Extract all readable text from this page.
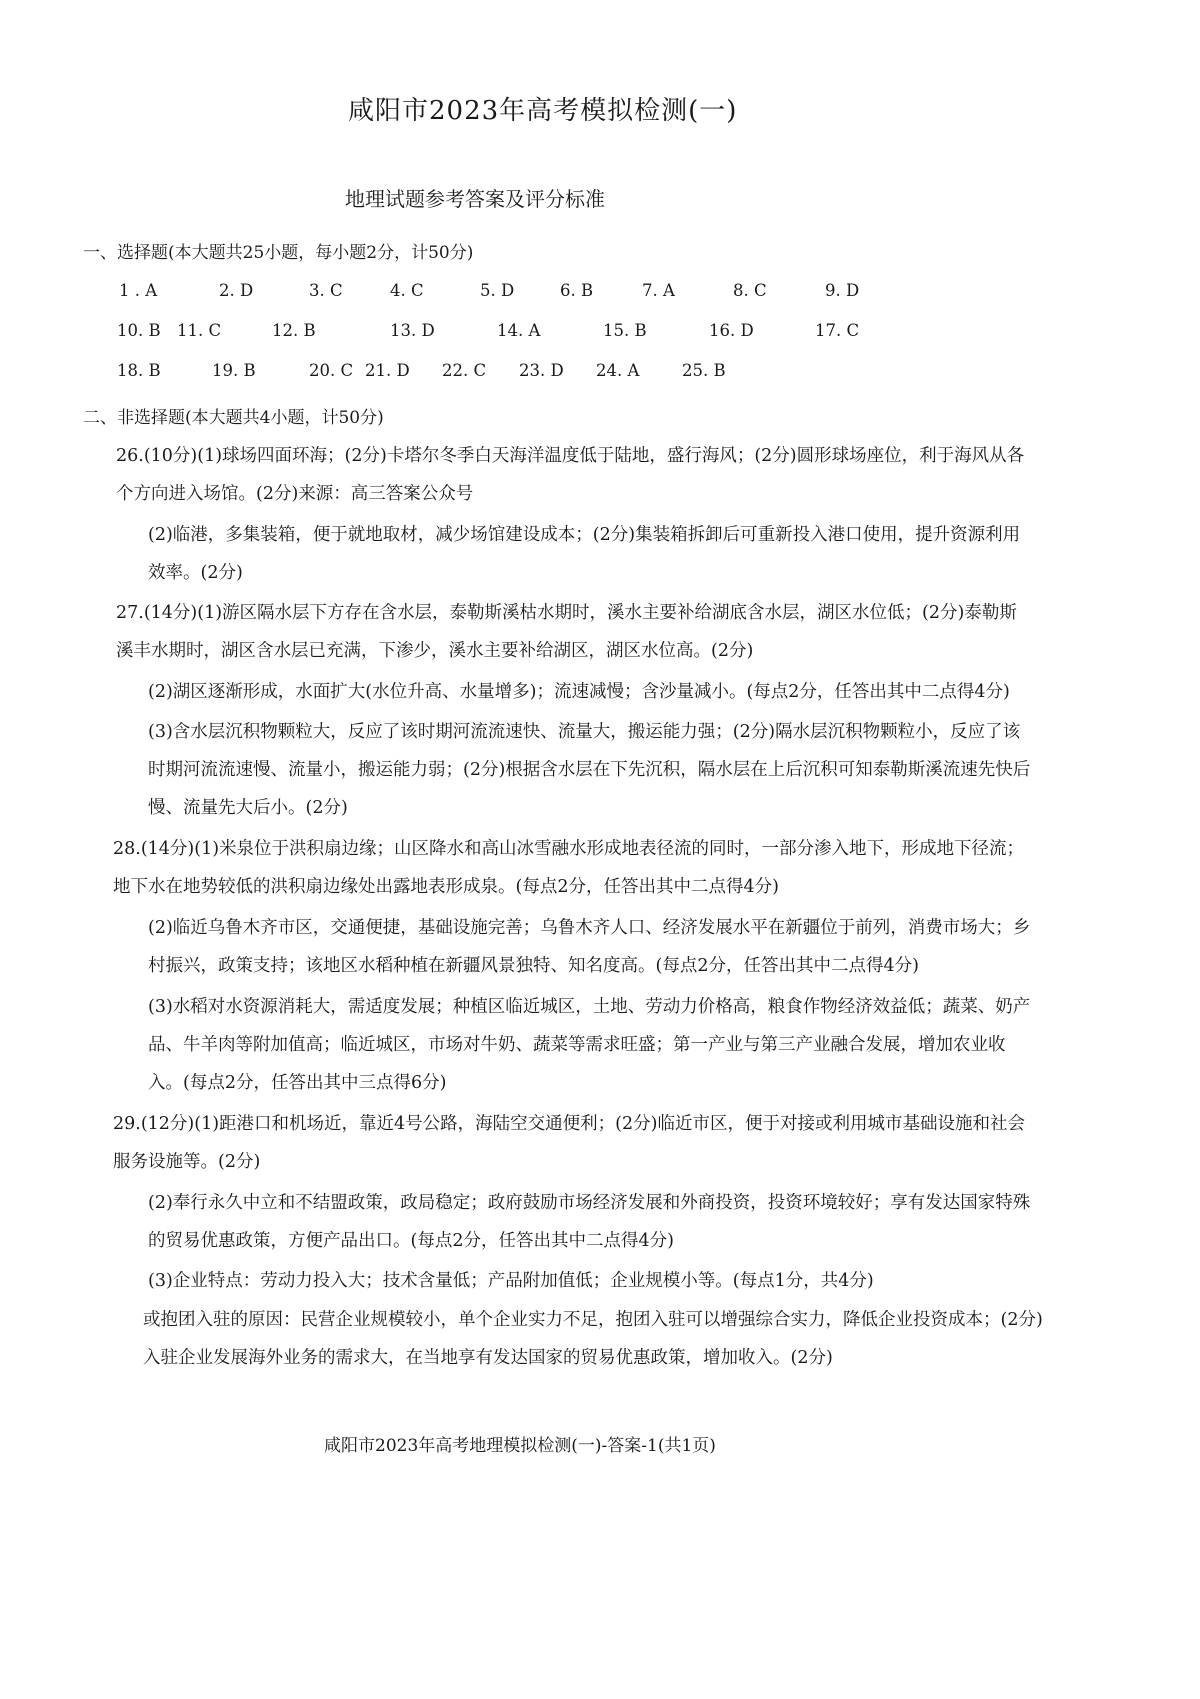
咸阳市2023年高考模拟检测(一)
地理试题参考答案及评分标准
一、选择题(本大题共25小题，每小题2分，计50分)
1 . A	2. D	3. C	4. C	5. D	6. B	7. A	8. C	9. D
10. B 11. C	12. B	13. D	14. A	15. B	16. D	17. C
18. B	19. B	20. C 21. D 22. C 23. D 24. A	25. B
二、非选择题(本大题共4小题，计50分)
26.(10分)(1)球场四面环海；(2分)卡塔尔冬季白天海洋温度低于陆地，盛行海风；(2分)圆形球场座位，利于海风从各
个方向进入场馆。(2分)来源：高三答案公众号
(2)临港，多集装箱，便于就地取材，减少场馆建设成本；(2分)集装箱拆卸后可重新投入港口使用，提升资源利用
效率。(2分)
27.(14分)(1)游区隔水层下方存在含水层，泰勒斯溪枯水期时，溪水主要补给湖底含水层，湖区水位低；(2分)泰勒斯
溪丰水期时，湖区含水层已充满，下渗少，溪水主要补给湖区，湖区水位高。(2分)
(2)湖区逐渐形成，水面扩大(水位升高、水量增多)；流速减慢；含沙量减小。(每点2分，任答出其中二点得4分)
(3)含水层沉积物颗粒大，反应了该时期河流流速快、流量大，搬运能力强；(2分)隔水层沉积物颗粒小，反应了该
时期河流流速慢、流量小，搬运能力弱；(2分)根据含水层在下先沉积，隔水层在上后沉积可知泰勒斯溪流速先快后
慢、流量先大后小。(2分)
28.(14分)(1)米泉位于洪积扇边缘；山区降水和高山冰雪融水形成地表径流的同时，一部分渗入地下，形成地下径流；
地下水在地势较低的洪积扇边缘处出露地表形成泉。(每点2分，任答出其中二点得4分)
(2)临近乌鲁木齐市区，交通便捷，基础设施完善；乌鲁木齐人口、经济发展水平在新疆位于前列，消费市场大；乡
村振兴，政策支持；该地区水稻种植在新疆风景独特、知名度高。(每点2分，任答出其中二点得4分)
(3)水稻对水资源消耗大，需适度发展；种植区临近城区，土地、劳动力价格高，粮食作物经济效益低；蔬菜、奶产
品、牛羊肉等附加值高；临近城区，市场对牛奶、蔬菜等需求旺盛；第一产业与第三产业融合发展，增加农业收
入。(每点2分，任答出其中三点得6分)
29.(12分)(1)距港口和机场近，靠近4号公路，海陆空交通便利；(2分)临近市区，便于对接或利用城市基础设施和社会
服务设施等。(2分)
(2)奉行永久中立和不结盟政策，政局稳定；政府鼓励市场经济发展和外商投资，投资环境较好；享有发达国家特殊
的贸易优惠政策，方便产品出口。(每点2分，任答出其中二点得4分)
(3)企业特点：劳动力投入大；技术含量低；产品附加值低；企业规模小等。(每点1分，共4分)
或抱团入驻的原因：民营企业规模较小，单个企业实力不足，抱团入驻可以增强综合实力，降低企业投资成本；(2分)
入驻企业发展海外业务的需求大，在当地享有发达国家的贸易优惠政策，增加收入。(2分)
咸阳市2023年高考地理模拟检测(一)-答案-1(共1页)
